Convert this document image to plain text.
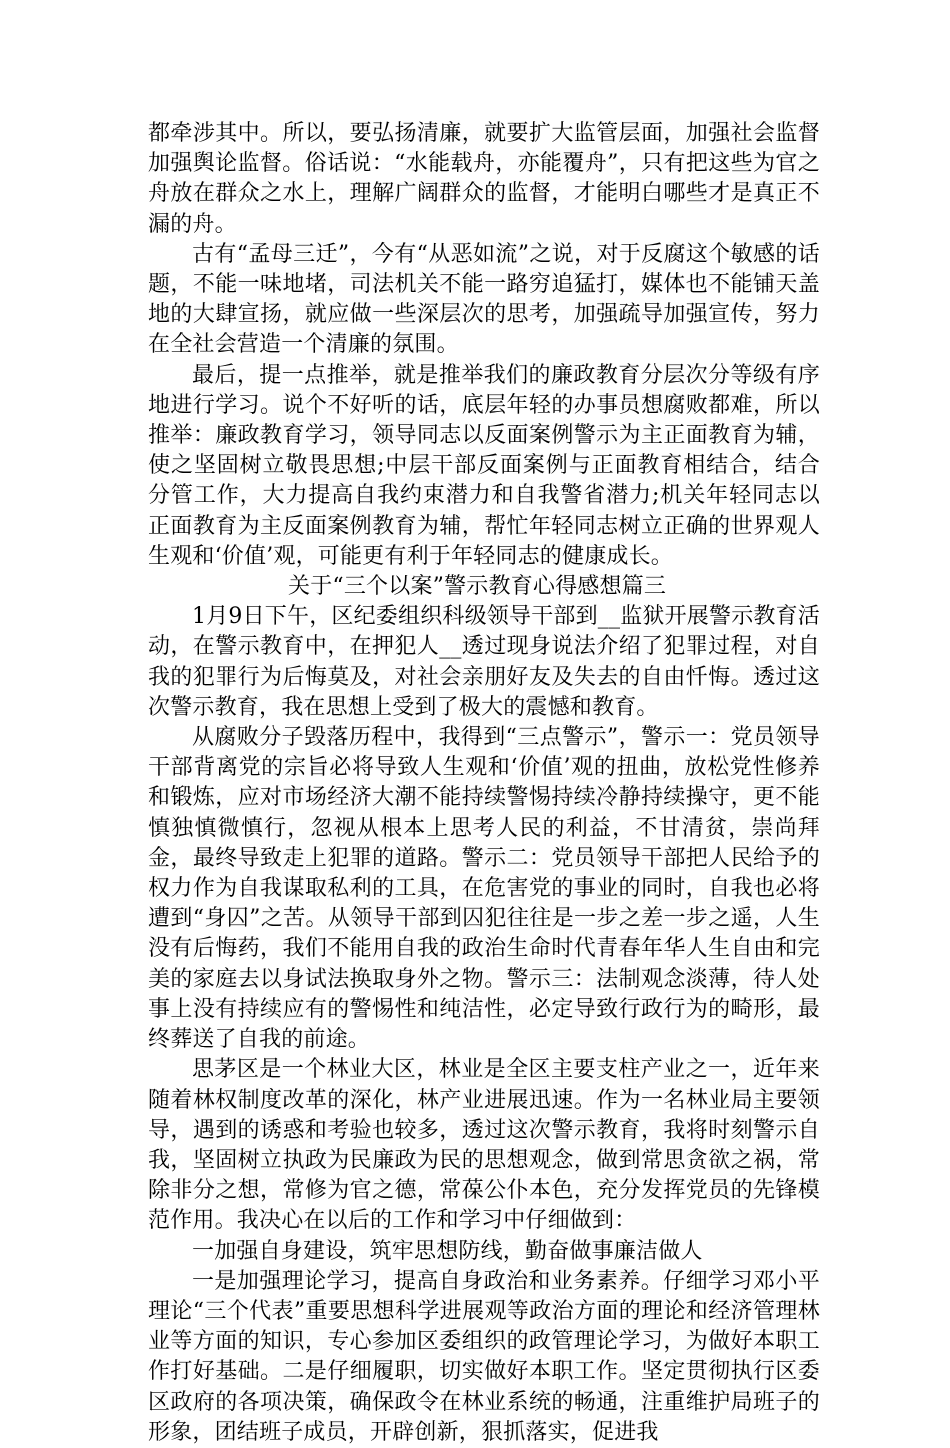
都牵涉其中。所以，要弘扬清廉，就要扩大监管层面，加强社会监督加强舆论监督。俗话说：“水能载舟，亦能覆舟”，只有把这些为官之舟放在群众之水上，理解广阔群众的监督，才能明白哪些才是真正不漏的舟。

古有“孟母三迁”，今有“从恶如流”之说，对于反腐这个敏感的话题，不能一味地堵，司法机关不能一路穷追猛打，媒体也不能铺天盖地的大肆宣扬，就应做一些深层次的思考，加强疏导加强宣传，努力在全社会营造一个清廉的氛围。

最后，提一点推举，就是推举我们的廉政教育分层次分等级有序地进行学习。说个不好听的话，底层年轻的办事员想腐败都难，所以推举：廉政教育学习，领导同志以反面案例警示为主正面教育为辅，使之坚固树立敬畏思想;中层干部反面案例与正面教育相结合，结合分管工作，大力提高自我约束潜力和自我警省潜力;机关年轻同志以正面教育为主反面案例教育为辅，帮忙年轻同志树立正确的世界观人生观和‘价值’观，可能更有利于年轻同志的健康成长。

关于“三个以案”警示教育心得感想篇三

1月9日下午，区纪委组织科级领导干部到__监狱开展警示教育活动，在警示教育中，在押犯人__透过现身说法介绍了犯罪过程，对自我的犯罪行为后悔莫及，对社会亲朋好友及失去的自由忏悔。透过这次警示教育，我在思想上受到了极大的震憾和教育。

从腐败分子毁落历程中，我得到“三点警示”，警示一：党员领导干部背离党的宗旨必将导致人生观和‘价值’观的扭曲，放松党性修养和锻炼，应对市场经济大潮不能持续警惕持续冷静持续操守，更不能慎独慎微慎行，忽视从根本上思考人民的利益，不甘清贫，崇尚拜金，最终导致走上犯罪的道路。警示二：党员领导干部把人民给予的权力作为自我谋取私利的工具，在危害党的事业的同时，自我也必将遭到“身囚”之苦。从领导干部到囚犯往往是一步之差一步之遥，人生没有后悔药，我们不能用自我的政治生命时代青春年华人生自由和完美的家庭去以身试法换取身外之物。警示三：法制观念淡薄，待人处事上没有持续应有的警惕性和纯洁性，必定导致行政行为的畸形，最终葬送了自我的前途。

思茅区是一个林业大区，林业是全区主要支柱产业之一，近年来随着林权制度改革的深化，林产业进展迅速。作为一名林业局主要领导，遇到的诱惑和考验也较多，透过这次警示教育，我将时刻警示自我，坚固树立执政为民廉政为民的思想观念，做到常思贪欲之祸，常除非分之想，常修为官之德，常葆公仆本色，充分发挥党员的先锋模范作用。我决心在以后的工作和学习中仔细做到：

一加强自身建设，筑牢思想防线，勤奋做事廉洁做人

一是加强理论学习，提高自身政治和业务素养。仔细学习邓小平理论“三个代表”重要思想科学进展观等政治方面的理论和经济管理林业等方面的知识，专心参加区委组织的政管理论学习，为做好本职工作打好基础。二是仔细履职，切实做好本职工作。坚定贯彻执行区委区政府的各项决策，确保政令在林业系统的畅通，注重维护局班子的形象，团结班子成员，开辟创新，狠抓落实，促进我
